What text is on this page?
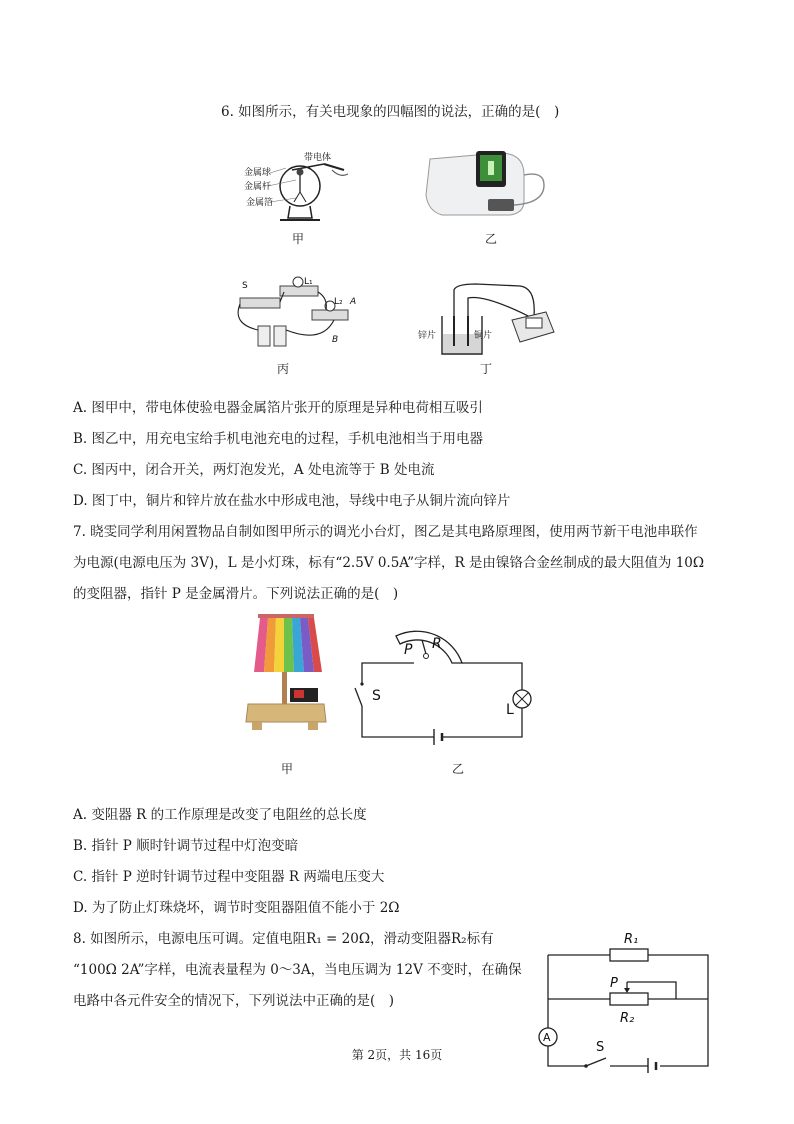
6. 如图所示，有关电现象的四幅图的说法，正确的是(　)
带电体
金属球
金属杆
金属箔
甲	乙
S	L₁
L₂ A
B
丙
锌片	铜片
丁
A. 图甲中，带电体使验电器金属箔片张开的原理是异种电荷相互吸引
B. 图乙中，用充电宝给手机电池充电的过程，手机电池相当于用电器
C. 图丙中，闭合开关，两灯泡发光，A 处电流等于 B 处电流
D. 图丁中，铜片和锌片放在盐水中形成电池，导线中电子从铜片流向锌片
7. 晓雯同学利用闲置物品自制如图甲所示的调光小台灯，图乙是其电路原理图，使用两节新干电池串联作
为电源(电源电压为 3V)，L 是小灯珠，标有“2.5V 0.5A”字样，R 是由镍铬合金丝制成的最大阻值为 10Ω
的变阻器，指针 P 是金属滑片。下列说法正确的是(　)
甲
P R
S
L
乙
A. 变阻器 R 的工作原理是改变了电阻丝的总长度
B. 指针 P 顺时针调节过程中灯泡变暗
C. 指针 P 逆时针调节过程中变阻器 R 两端电压变大
D. 为了防止灯珠烧坏，调节时变阻器阻值不能小于 2Ω
8. 如图所示，电源电压可调。定值电阻R₁ = 20Ω，滑动变阻器R₂标有
“100Ω 2A”字样，电流表量程为 0～3A，当电压调为 12V 不变时，在确保
电路中各元件安全的情况下，下列说法中正确的是(　)
R₁
P
R₂
A
S
第 2页，共 16页
